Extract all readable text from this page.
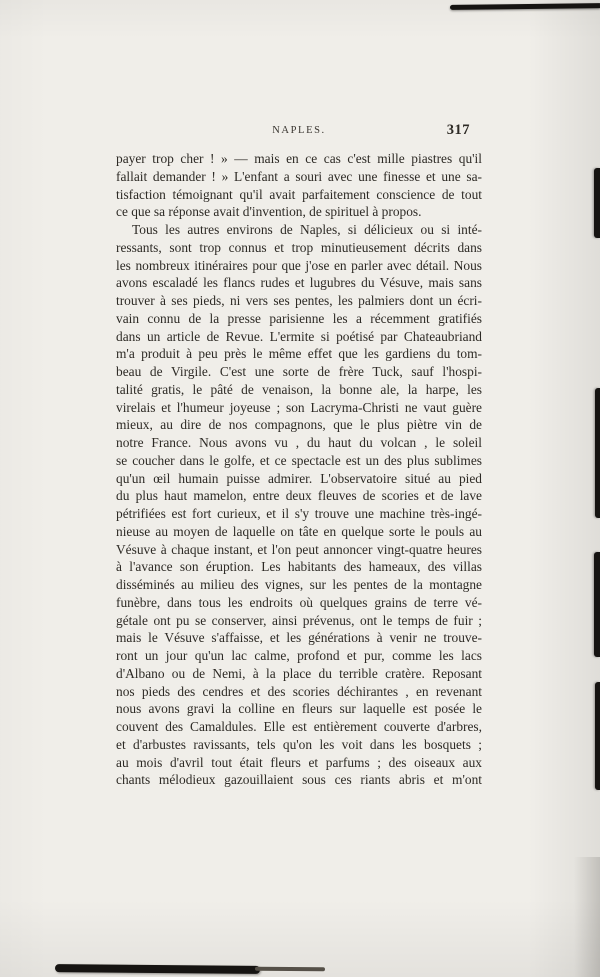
NAPLES.	317
payer trop cher ! » — mais en ce cas c'est mille piastres qu'il
fallait demander ! » L'enfant a souri avec une finesse et une sa-
tisfaction témoignant qu'il avait parfaitement conscience de tout
ce que sa réponse avait d'invention, de spirituel à propos.
Tous les autres environs de Naples, si délicieux ou si inté-
ressants, sont trop connus et trop minutieusement décrits dans
les nombreux itinéraires pour que j'ose en parler avec détail. Nous
avons escaladé les flancs rudes et lugubres du Vésuve, mais sans
trouver à ses pieds, ni vers ses pentes, les palmiers dont un écri-
vain connu de la presse parisienne les a récemment gratifiés
dans un article de Revue. L'ermite si poétisé par Chateaubriand
m'a produit à peu près le même effet que les gardiens du tom-
beau de Virgile. C'est une sorte de frère Tuck, sauf l'hospi-
talité gratis, le pâté de venaison, la bonne ale, la harpe, les
virelais et l'humeur joyeuse ; son Lacryma-Christi ne vaut guère
mieux, au dire de nos compagnons, que le plus piètre vin de
notre France. Nous avons vu , du haut du volcan , le soleil
se coucher dans le golfe, et ce spectacle est un des plus sublimes
qu'un œil humain puisse admirer. L'observatoire situé au pied
du plus haut mamelon, entre deux fleuves de scories et de lave
pétrifiées est fort curieux, et il s'y trouve une machine très-ingé-
nieuse au moyen de laquelle on tâte en quelque sorte le pouls au
Vésuve à chaque instant, et l'on peut annoncer vingt-quatre heures
à l'avance son éruption. Les habitants des hameaux, des villas
disséminés au milieu des vignes, sur les pentes de la montagne
funèbre, dans tous les endroits où quelques grains de terre vé-
gétale ont pu se conserver, ainsi prévenus, ont le temps de fuir ;
mais le Vésuve s'affaisse, et les générations à venir ne trouve-
ront un jour qu'un lac calme, profond et pur, comme les lacs
d'Albano ou de Nemi, à la place du terrible cratère. Reposant
nos pieds des cendres et des scories déchirantes , en revenant
nous avons gravi la colline en fleurs sur laquelle est posée le
couvent des Camaldules. Elle est entièrement couverte d'arbres,
et d'arbustes ravissants, tels qu'on les voit dans les bosquets ;
au mois d'avril tout était fleurs et parfums ; des oiseaux aux
chants mélodieux gazouillaient sous ces riants abris et m'ont
